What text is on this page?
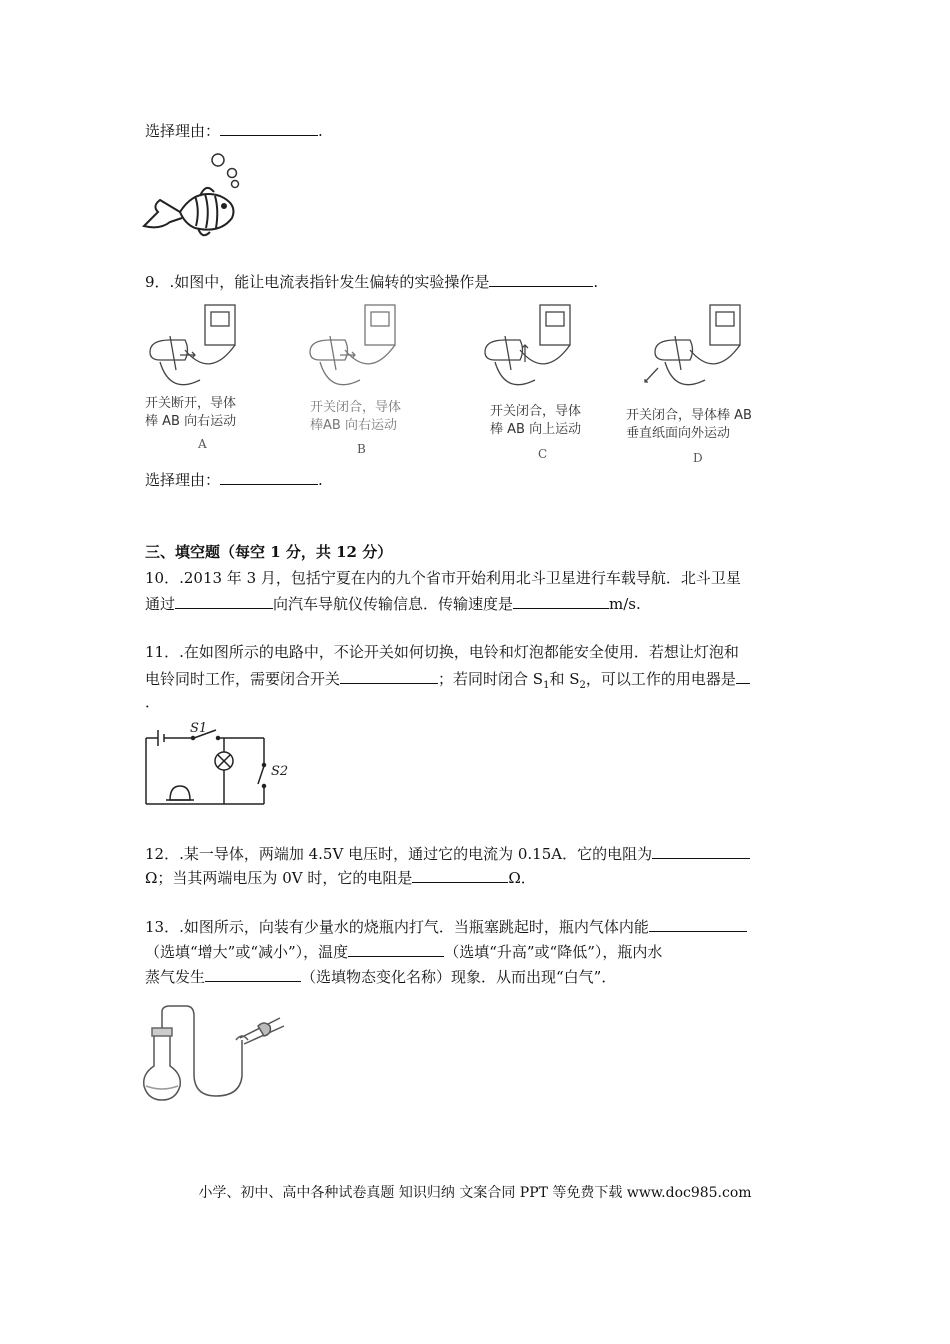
选择理由：	.
9．.如图中，能让电流表指针发生偏转的实验操作是	.
开关断开，导体
棒 AB 向右运动
A
开关闭合，导体
棒AB 向右运动
B
开关闭合，导体
棒 AB 向上运动
C
开关闭合，导体棒 AB
垂直纸面向外运动
D
选择理由：	.
三、填空题（每空 1 分，共 12 分）
10．.2013 年 3 月，包括宁夏在内的九个省市开始利用北斗卫星进行车载导航．北斗卫星
通过	向汽车导航仪传输信息．传输速度是	m/s.
11．.在如图所示的电路中，不论开关如何切换，电铃和灯泡都能安全使用．若想让灯泡和
电铃同时工作，需要闭合开关	；若同时闭合 $S_1$和 $S_2$，可以工作的用电器是
．
S1
S2
12．.某一导体，两端加 4.5V 电压时，通过它的电流为 0.15A．它的电阻为
Ω；当其两端电压为 0V 时，它的电阻是	Ω．
13．.如图所示，向装有少量水的烧瓶内打气．当瓶塞跳起时，瓶内气体内能
（选填“增大”或“减小”），温度	（选填“升高”或“降低”），瓶内水
蒸气发生	（选填物态变化名称）现象．从而出现“白气”．
小学、初中、高中各种试卷真题 知识归纳 文案合同 PPT 等免费下载 www.doc985.com
